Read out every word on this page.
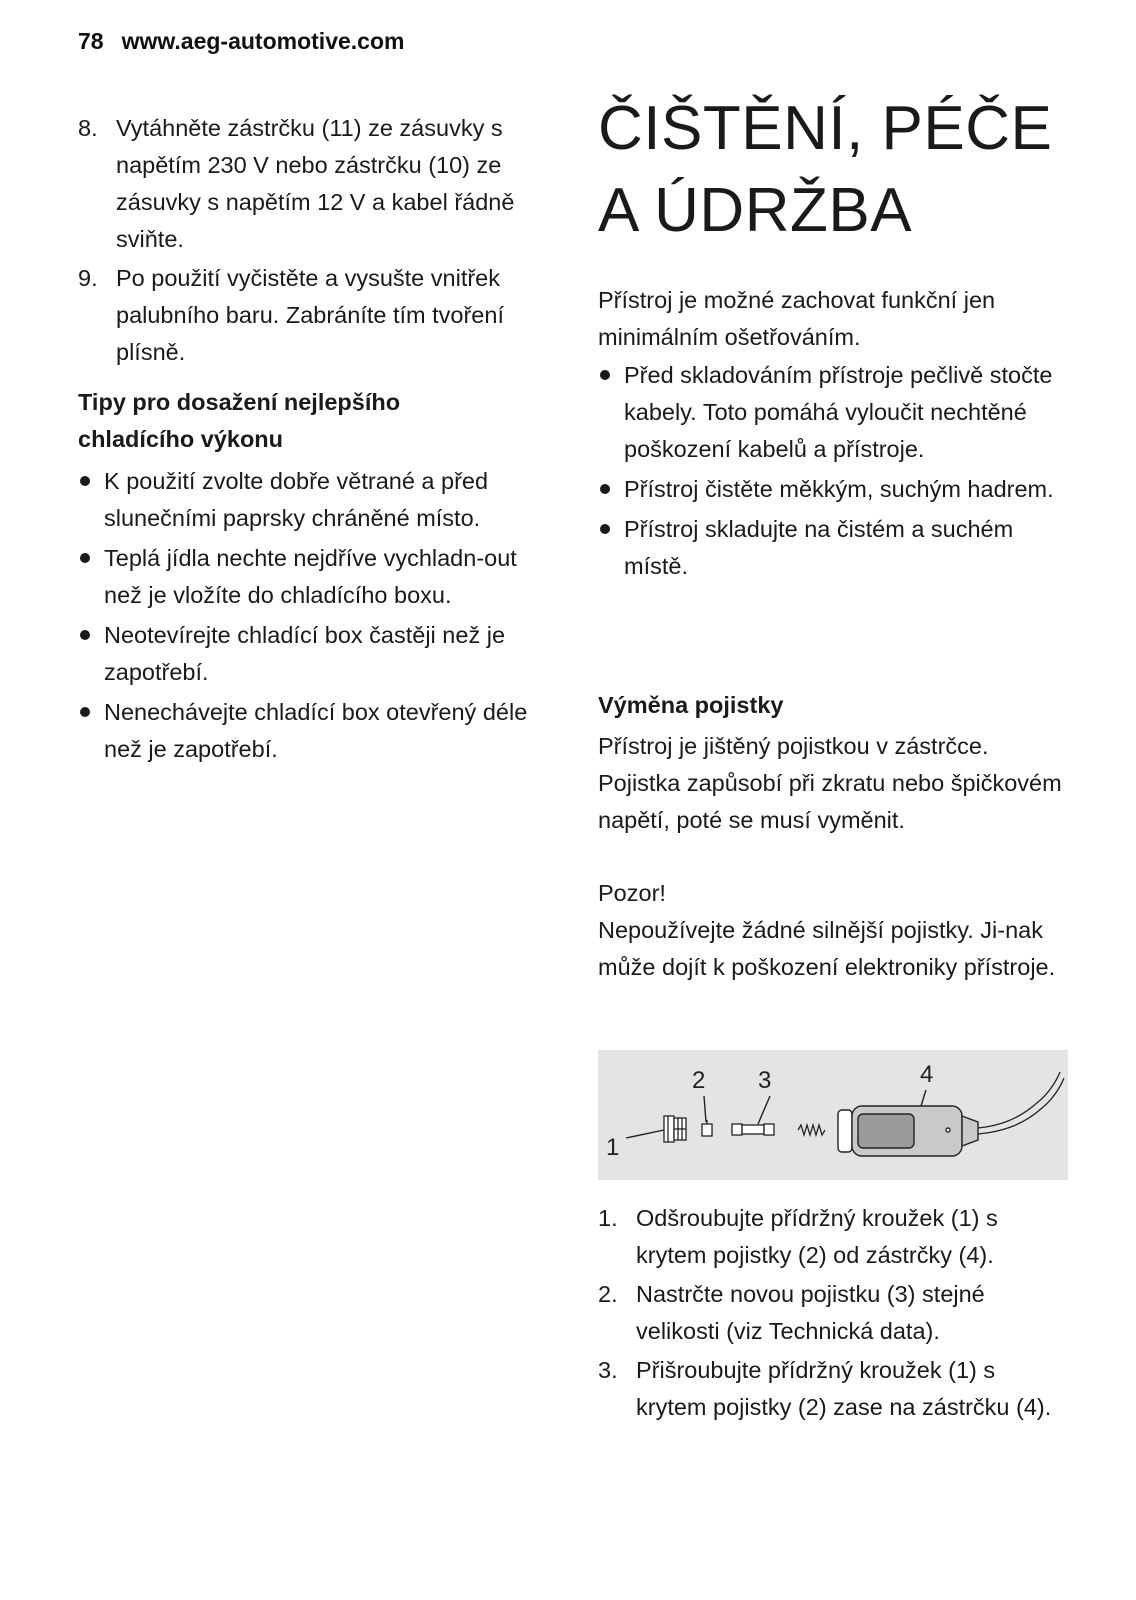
78 www.aeg-automotive.com
8. Vytáhněte zástrčku (11) ze zásuvky s napětím 230 V nebo zástrčku (10) ze zásuvky s napětím 12 V a kabel řádně sviňte.
9. Po použití vyčistěte a vysušte vnitřek palubního baru. Zabráníte tím tvoření plísně.
Tipy pro dosažení nejlepšího chladícího výkonu
K použití zvolte dobře větrané a před slunečními paprsky chráněné místo.
Teplá jídla nechte nejdříve vychladn-out než je vložíte do chladícího boxu.
Neotevírejte chladící box častěji než je zapotřebí.
Nenechávejte chladící box otevřený déle než je zapotřebí.
ČIŠTĚNÍ, PÉČE A ÚDRŽBA

Přístroj je možné zachovat funkční jen minimálním ošetřováním.

Před skladováním přístroje pečlivě stočte kabely. Toto pomáhá vyloučit nechtěné poškození kabelů a přístroje.
Přístroj čistěte měkkým, suchým hadrem.
Přístroj skladujte na čistém a suchém místě.
Výměna pojistky

Přístroj je jištěný pojistkou v zástrčce. Pojistka zapůsobí při zkratu nebo špičkovém napětí, poté se musí vyměnit.

Pozor!

Nepoužívejte žádné silnější pojistky. Ji-nak může dojít k poškození elektroniky přístroje.

1
2 3	4
1. Odšroubujte přídržný kroužek (1) s krytem pojistky (2) od zástrčky (4).
2. Nastrčte novou pojistku (3) stejné velikosti (viz Technická data).
3. Přišroubujte přídržný kroužek (1) s krytem pojistky (2) zase na zástrčku (4).
